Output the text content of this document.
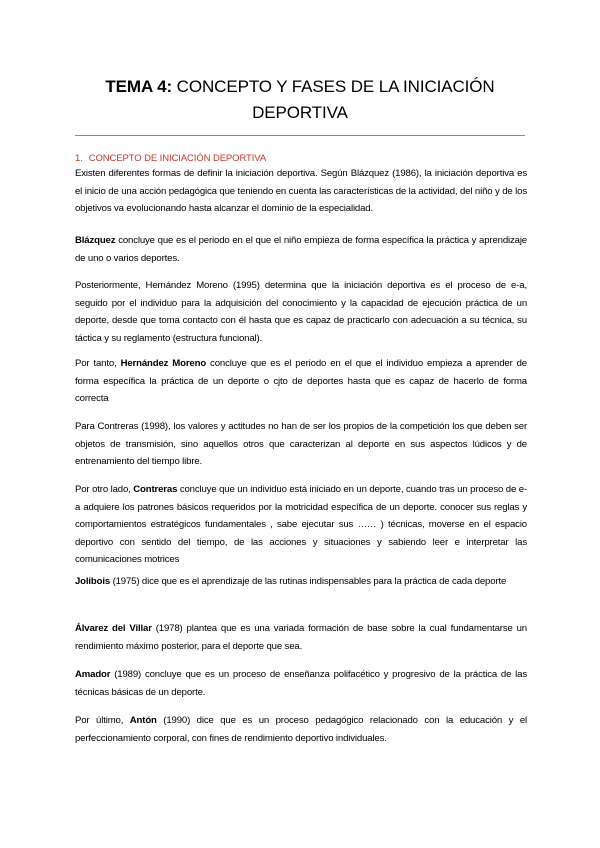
TEMA 4: CONCEPTO Y FASES DE LA INICIACIÓN
DEPORTIVA
1. CONCEPTO DE INICIACIÓN DEPORTIVA
Existen diferentes formas de definir la iniciación deportiva. Según Blázquez (1986), la iniciación deportiva es el inicio de una acción pedagógica que teniendo en cuenta las características de la actividad, del niño y de los objetivos va evolucionando hasta alcanzar el dominio de la especialidad.
Blázquez concluye que es el periodo en el que el niño empieza de forma específica la práctica y aprendizaje de uno o varios deportes.
Posteriormente, Hernández Moreno (1995) determina que la iniciación deportiva es el proceso de e-a, seguido por el individuo para la adquisición del conocimiento y la capacidad de ejecución práctica de un deporte, desde que toma contacto con él hasta que es capaz de practicarlo con adecuación a su técnica, su táctica y su reglamento (estructura funcional).
Por tanto, Hernández Moreno concluye que es el periodo en el que el individuo empieza a aprender de forma específica la práctica de un deporte o cjto de deportes hasta que es capaz de hacerlo de forma correcta
Para Contreras (1998), los valores y actitudes no han de ser los propios de la competición los que deben ser objetos de transmisión, sino aquellos otros que caracterizan al deporte en sus aspectos lúdicos y de entrenamiento del tiempo libre.
Por otro lado, Contreras concluye que un individuo está iniciado en un deporte, cuando tras un proceso de e-a adquiere los patrones básicos requeridos por la motricidad específica de un deporte. conocer sus reglas y comportamientos estratégicos fundamentales , sabe ejecutar sus …… ) técnicas, moverse en el espacio deportivo con sentido del tiempo, de las acciones y situaciones y sabiendo leer e interpretar las comunicaciones motrices
Jolibois (1975) dice que es el aprendizaje de las rutinas indispensables para la práctica de cada deporte
Álvarez del Villar (1978) plantea que es una variada formación de base sobre la cual fundamentarse un rendimiento máximo posterior, para el deporte que sea.
Amador (1989) concluye que es un proceso de enseñanza polifacético y progresivo de la práctica de las técnicas básicas de un deporte.
Por último, Antón (1990) dice que es un proceso pedagógico relacionado con la educación y el perfeccionamiento corporal, con fines de rendimiento deportivo individuales.
